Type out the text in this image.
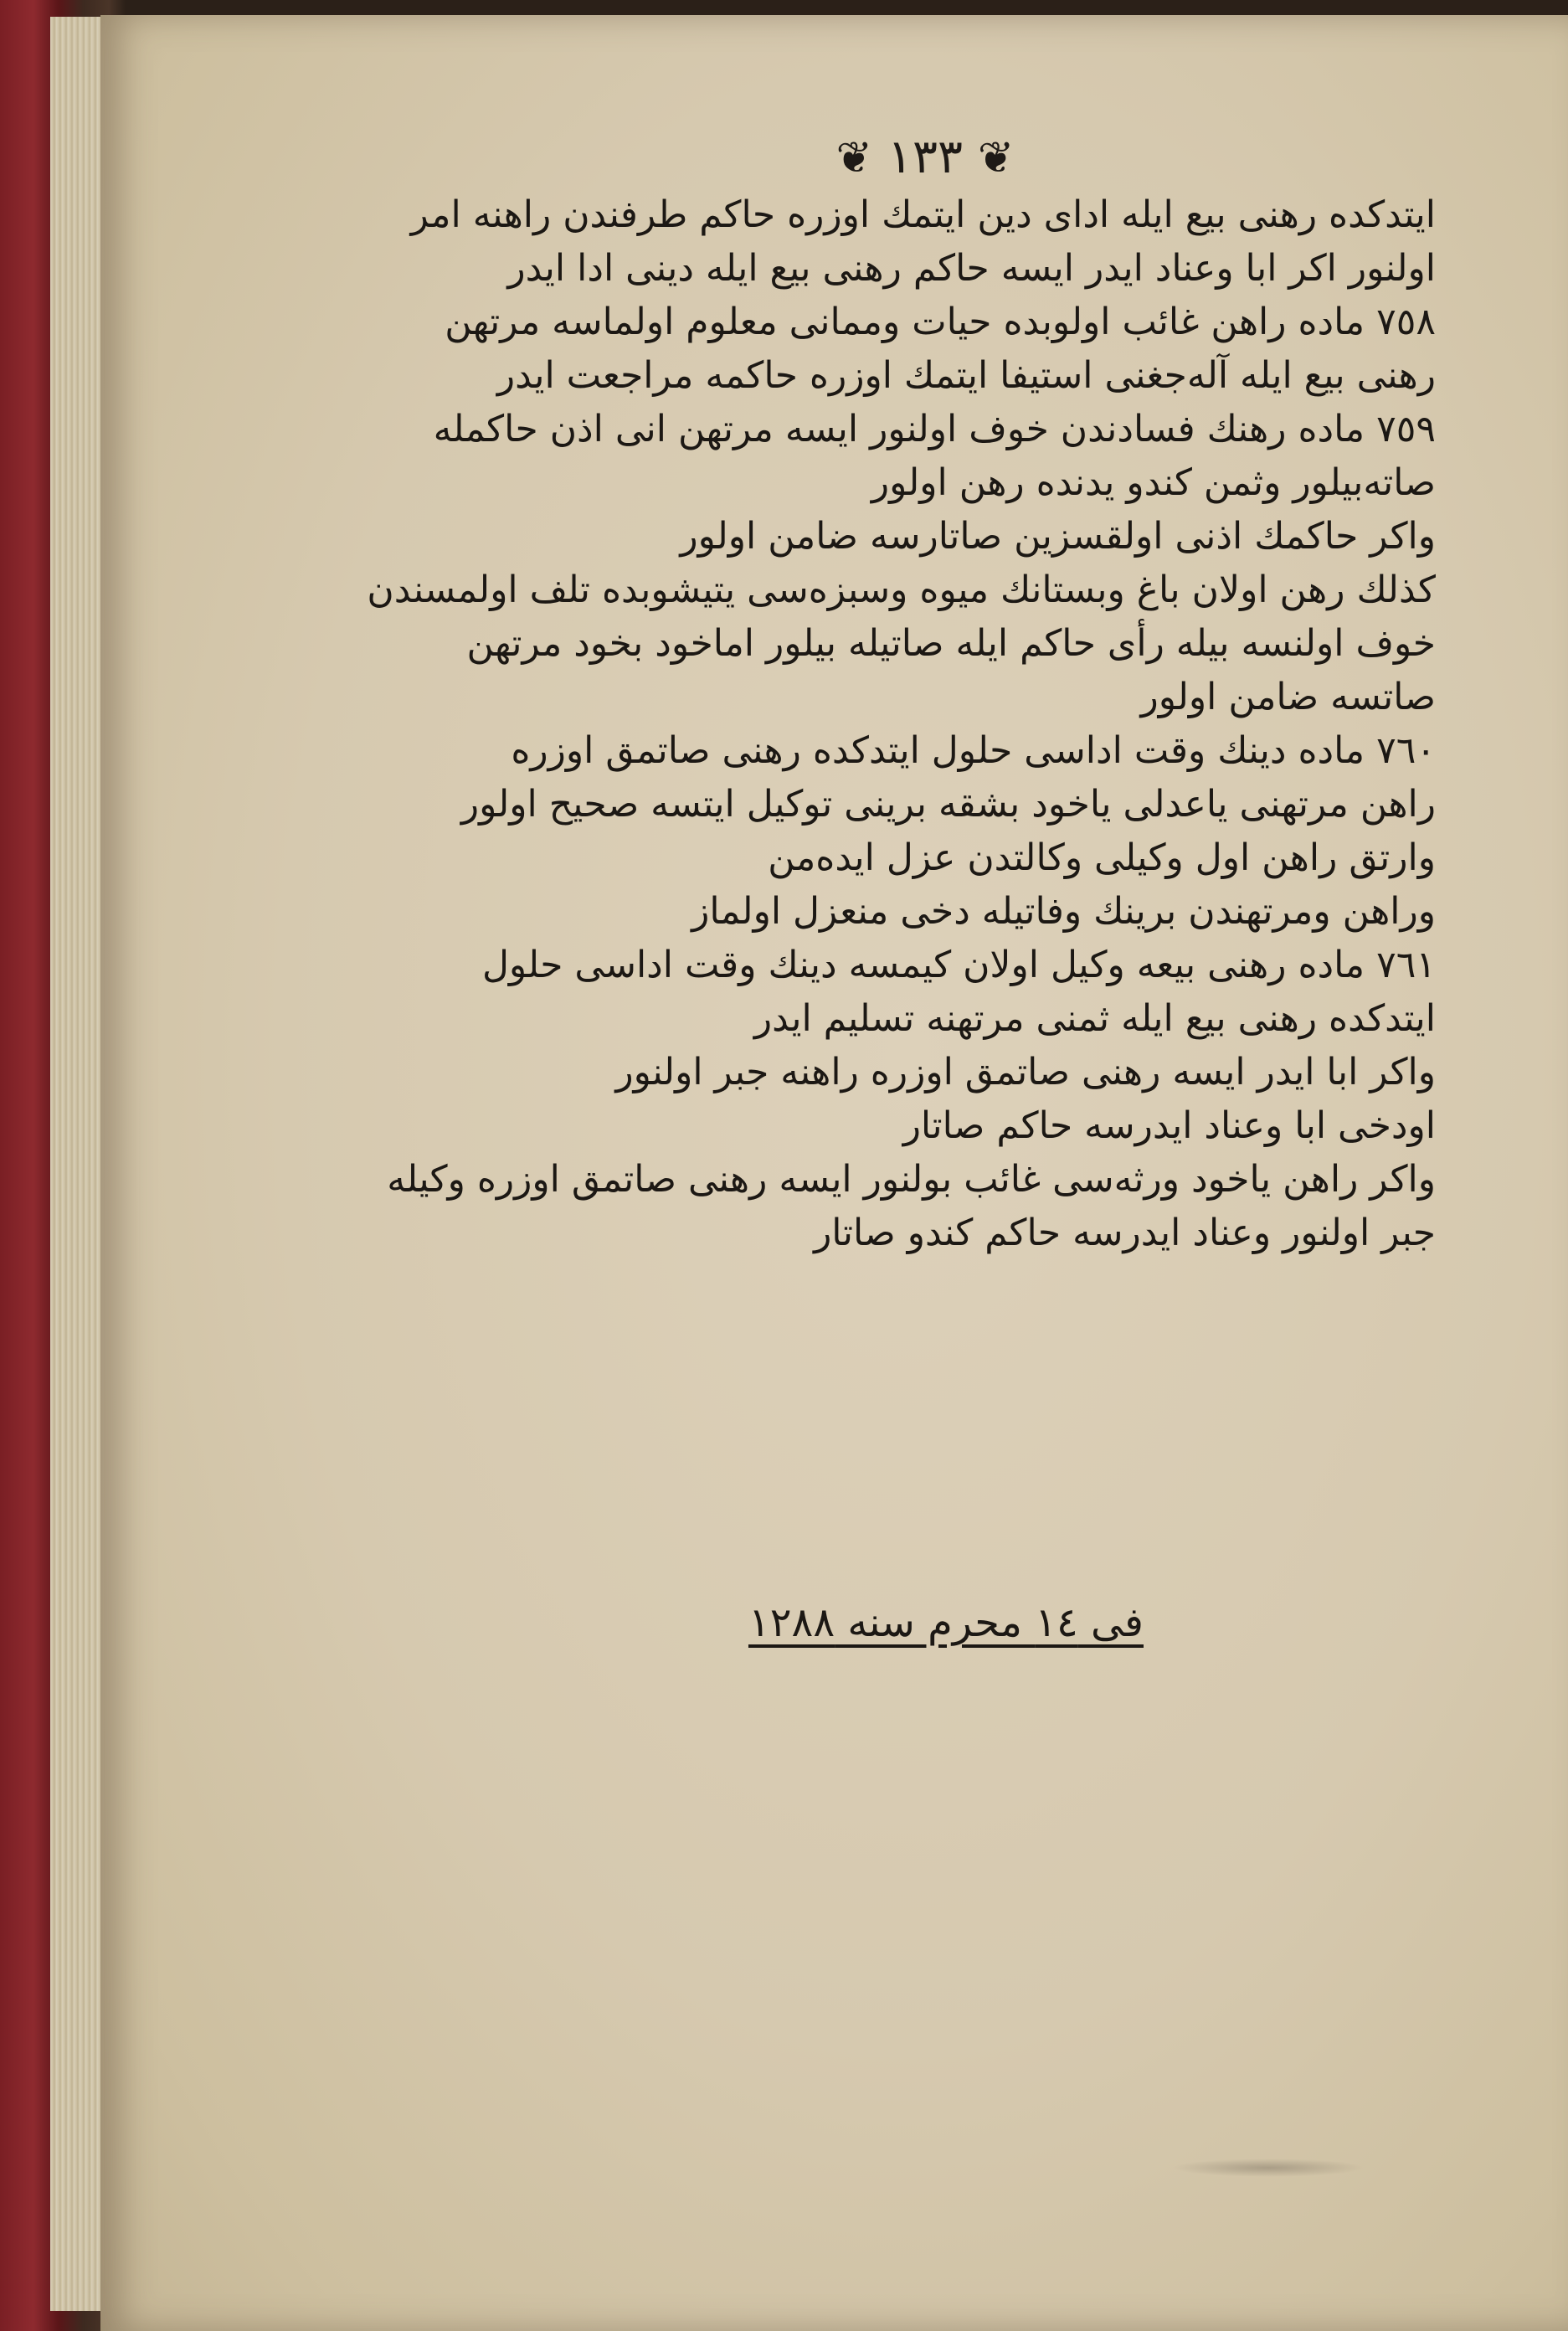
❦ ١٣٣ ❦
ايتدكده رهنی بيع ايله ادای دين ايتمك اوزره حاكم طرفندن راهنه امر
اولنور اكر ابا وعناد ايدر ايسه حاكم رهنی بيع ايله دينی ادا ايدر
٧٥٨ ماده راهن غائب اولوبده حيات وممانی معلوم اولماسه مرتهن
رهنی بيع ايله آله‌جغنی استيفا ايتمك اوزره حاكمه مراجعت ايدر
٧٥٩ ماده رهنك فسادندن خوف اولنور ايسه مرتهن انی اذن حاكمله
صاته‌بيلور وثمن كندو يدنده رهن اولور
واكر حاكمك اذنی اولقسزين صاتارسه ضامن اولور
كذلك رهن اولان باغ وبستانك ميوه وسبزه‌سی يتيشوبده تلف اولمسندن
خوف اولنسه بيله رأی حاكم ايله صاتيله بيلور اماخود بخود مرتهن
صاتسه ضامن اولور
٧٦٠ ماده دينك وقت اداسی حلول ايتدكده رهنی صاتمق اوزره
راهن مرتهنی ياعدلی ياخود بشقه برينی توكيل ايتسه صحيح اولور
وارتق راهن اول وكيلی وكالتدن عزل ايده‌من
وراهن ومرتهندن برينك وفاتيله دخی منعزل اولماز
٧٦١ ماده رهنی بيعه وكيل اولان كيمسه دينك وقت اداسی حلول
ايتدكده رهنی بيع ايله ثمنی مرتهنه تسليم ايدر
واكر ابا ايدر ايسه رهنی صاتمق اوزره راهنه جبر اولنور
اودخی ابا وعناد ايدرسه حاكم صاتار
واكر راهن ياخود ورثه‌سی غائب بولنور ايسه رهنی صاتمق اوزره وكيله
جبر اولنور وعناد ايدرسه حاكم كندو صاتار
فی ١٤ محرم سنه ١٢٨٨
